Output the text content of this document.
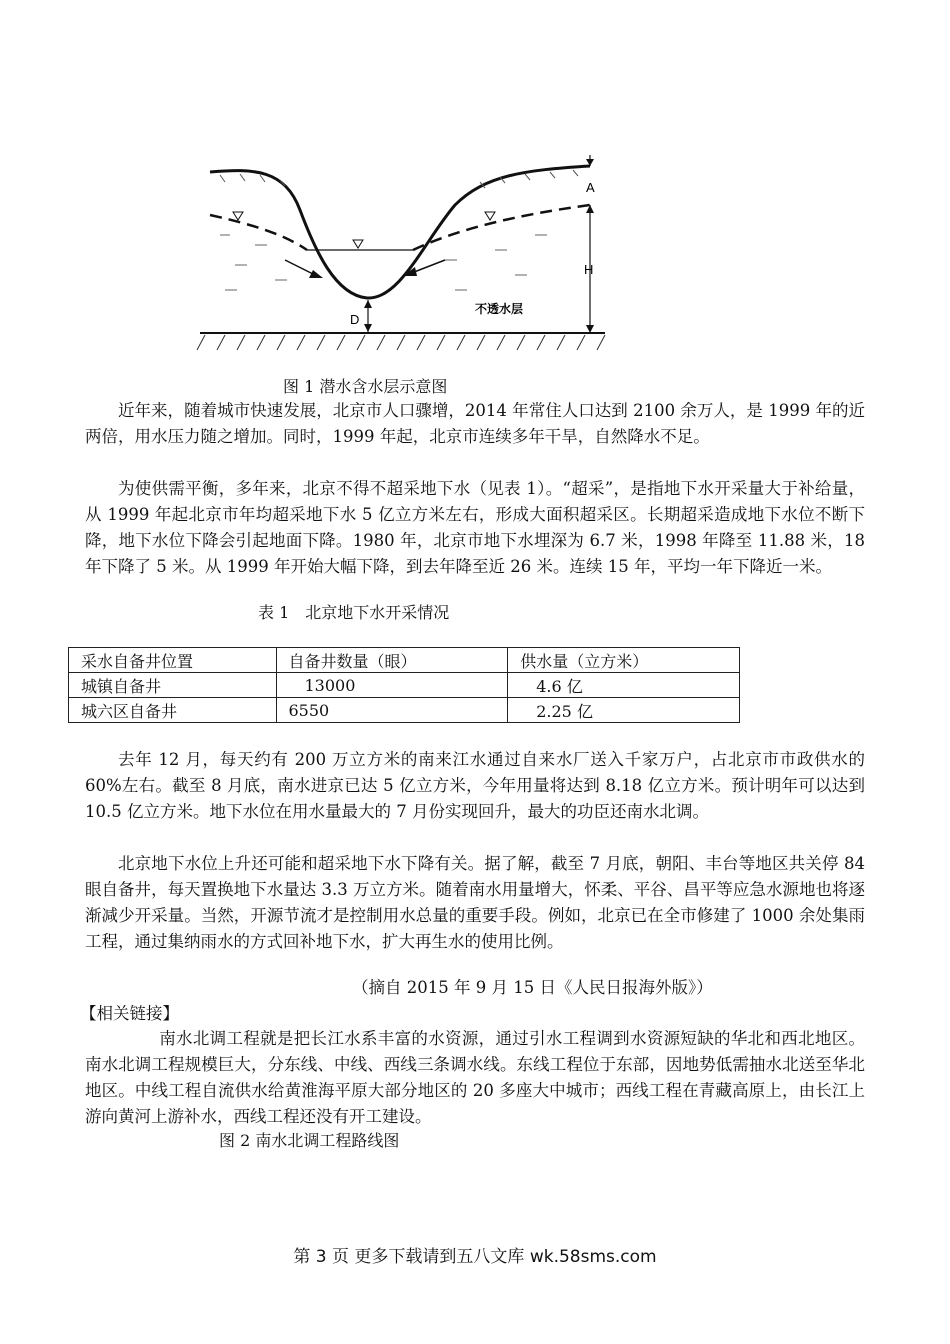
A
H
D
不透水层
图 1 潜水含水层示意图

近年来，随着城市快速发展，北京市人口骤增，2014 年常住人口达到 2100 余万人，是 1999 年的近两倍，用水压力随之增加。同时，1999 年起，北京市连续多年干旱，自然降水不足。

为使供需平衡，多年来，北京不得不超采地下水（见表 1）。“超采”，是指地下水开采量大于补给量，从 1999 年起北京市年均超采地下水 5 亿立方米左右，形成大面积超采区。长期超采造成地下水位不断下降，地下水位下降会引起地面下降。1980 年，北京市地下水埋深为 6.7 米，1998 年降至 11.88 米，18 年下降了 5 米。从 1999 年开始大幅下降，到去年降至近 26 米。连续 15 年，平均一年下降近一米。

表 1　北京地下水开采情况
采水自备井位置	自备井数量（眼）	供水量（立方米）
城镇自备井	13000	4.6 亿
城六区自备井	6550	2.25 亿

去年 12 月，每天约有 200 万立方米的南来江水通过自来水厂送入千家万户，占北京市市政供水的 60%左右。截至 8 月底，南水进京已达 5 亿立方米，今年用量将达到 8.18 亿立方米。预计明年可以达到 10.5 亿立方米。地下水位在用水量最大的 7 月份实现回升，最大的功臣还南水北调。

北京地下水位上升还可能和超采地下水下降有关。据了解，截至 7 月底，朝阳、丰台等地区共关停 84 眼自备井，每天置换地下水量达 3.3 万立方米。随着南水用量增大，怀柔、平谷、昌平等应急水源地也将逐渐减少开采量。当然，开源节流才是控制用水总量的重要手段。例如，北京已在全市修建了 1000 余处集雨工程，通过集纳雨水的方式回补地下水，扩大再生水的使用比例。

（摘自 2015 年 9 月 15 日《人民日报海外版》）
【相关链接】

南水北调工程就是把长江水系丰富的水资源，通过引水工程调到水资源短缺的华北和西北地区。南水北调工程规模巨大，分东线、中线、西线三条调水线。东线工程位于东部，因地势低需抽水北送至华北地区。中线工程自流供水给黄淮海平原大部分地区的 20 多座大中城市；西线工程在青藏高原上，由长江上游向黄河上游补水，西线工程还没有开工建设。

图 2 南水北调工程路线图
第 3 页 更多下载请到五八文库 wk.58sms.com
